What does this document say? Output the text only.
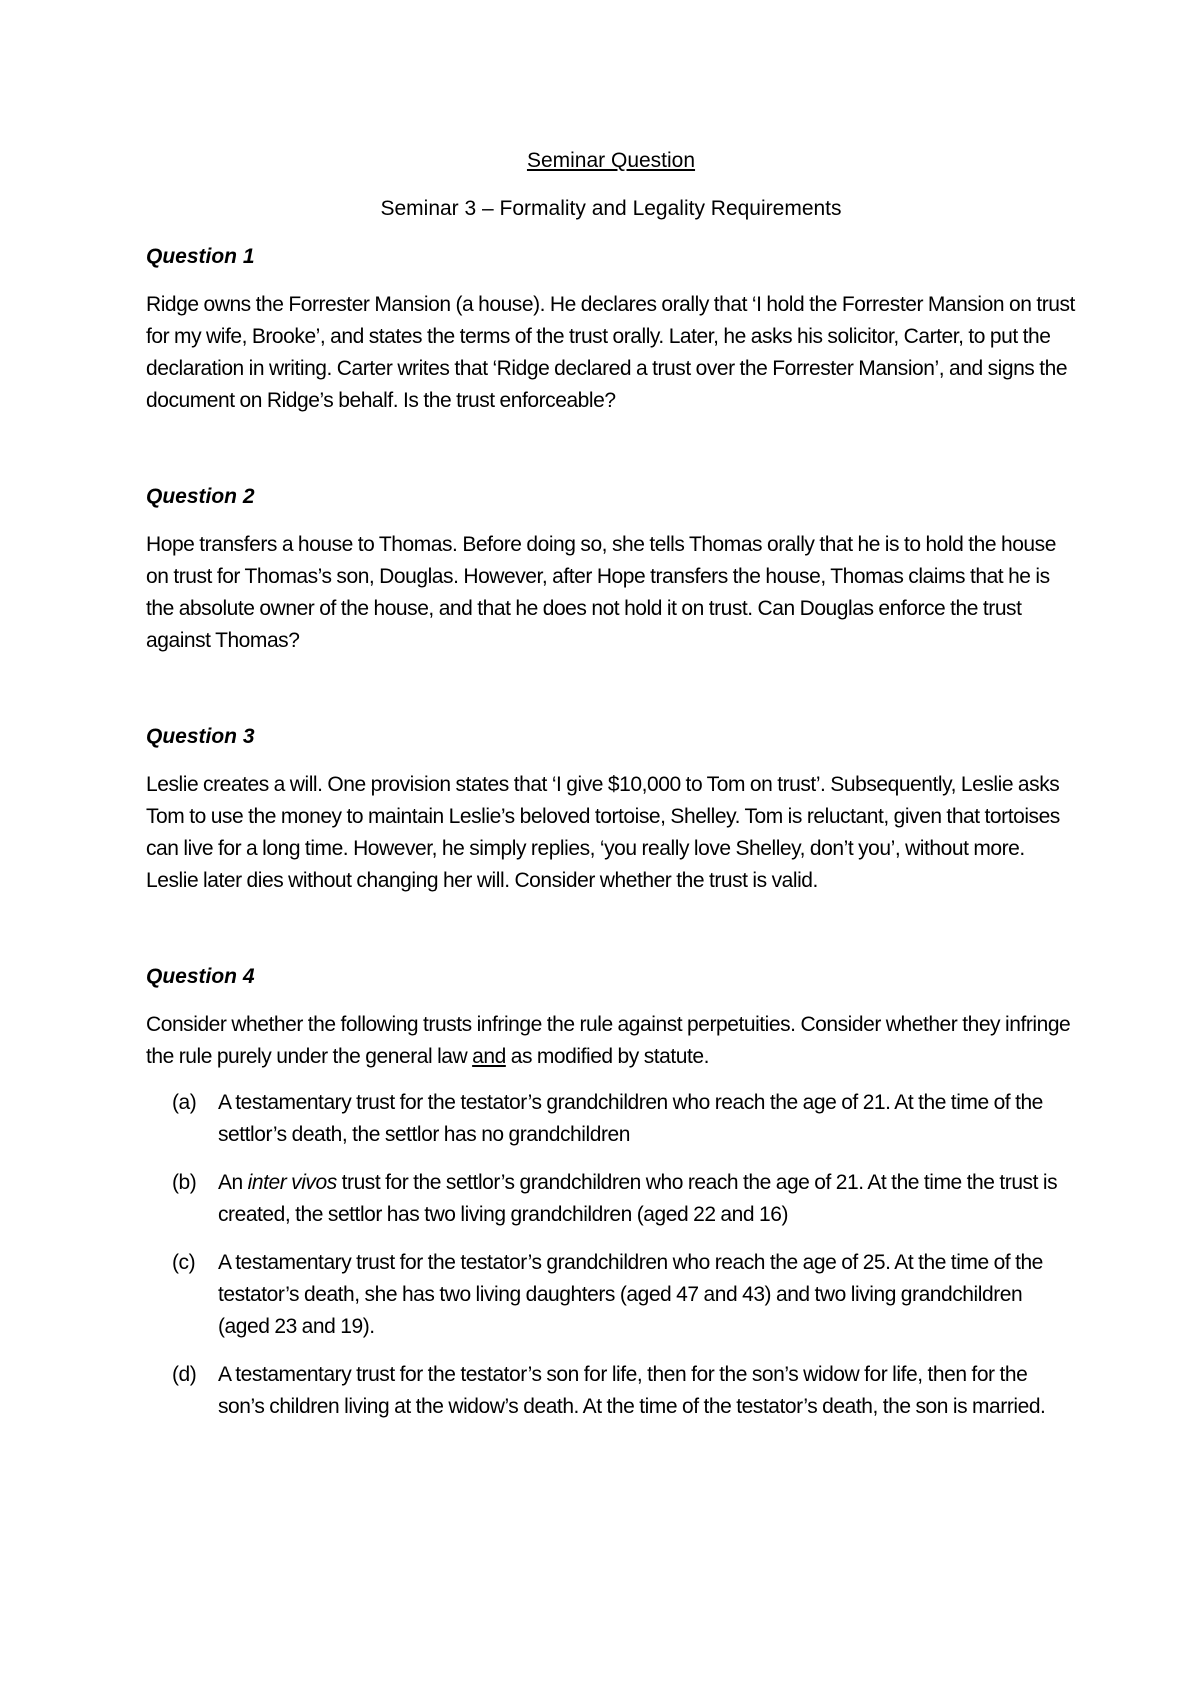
Seminar Question

Seminar 3 – Formality and Legality Requirements

Question 1

Ridge owns the Forrester Mansion (a house). He declares orally that ‘I hold the Forrester Mansion on trust for my wife, Brooke’, and states the terms of the trust orally. Later, he asks his solicitor, Carter, to put the declaration in writing. Carter writes that ‘Ridge declared a trust over the Forrester Mansion’, and signs the document on Ridge’s behalf. Is the trust enforceable?

Question 2

Hope transfers a house to Thomas. Before doing so, she tells Thomas orally that he is to hold the house on trust for Thomas’s son, Douglas. However, after Hope transfers the house, Thomas claims that he is the absolute owner of the house, and that he does not hold it on trust. Can Douglas enforce the trust against Thomas?

Question 3

Leslie creates a will. One provision states that ‘I give $10,000 to Tom on trust’. Subsequently, Leslie asks Tom to use the money to maintain Leslie’s beloved tortoise, Shelley. Tom is reluctant, given that tortoises can live for a long time. However, he simply replies, ‘you really love Shelley, don’t you’, without more. Leslie later dies without changing her will. Consider whether the trust is valid.

Question 4

Consider whether the following trusts infringe the rule against perpetuities. Consider whether they infringe the rule purely under the general law and as modified by statute.

(a) A testamentary trust for the testator’s grandchildren who reach the age of 21. At the time of the settlor’s death, the settlor has no grandchildren
(b) An inter vivos trust for the settlor’s grandchildren who reach the age of 21. At the time the trust is created, the settlor has two living grandchildren (aged 22 and 16)
(c) A testamentary trust for the testator’s grandchildren who reach the age of 25. At the time of the testator’s death, she has two living daughters (aged 47 and 43) and two living grandchildren (aged 23 and 19).
(d) A testamentary trust for the testator’s son for life, then for the son’s widow for life, then for the son’s children living at the widow’s death. At the time of the testator’s death, the son is married.
